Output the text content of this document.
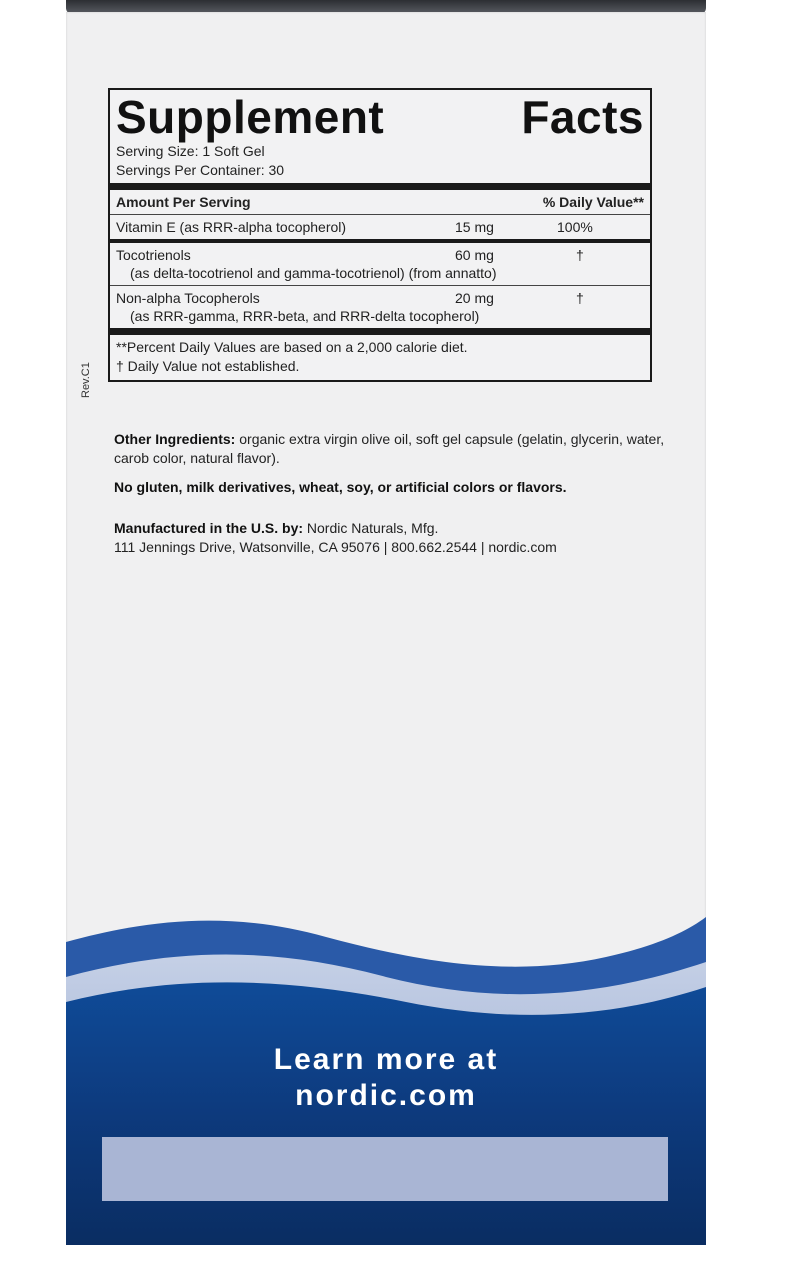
Rev.C1
Supplement	Facts
Serving Size: 1 Soft Gel
Servings Per Container: 30
Amount Per Serving	% Daily Value**
Vitamin E (as RRR-alpha tocopherol)	15 mg	100%
Tocotrienols	60 mg	†
(as delta-tocotrienol and gamma-tocotrienol) (from annatto)
Non-alpha Tocopherols	20 mg	†
(as RRR-gamma, RRR-beta, and RRR-delta tocopherol)
**Percent Daily Values are based on a 2,000 calorie diet.
† Daily Value not established.
Other Ingredients: organic extra virgin olive oil, soft gel capsule (gelatin, glycerin, water, carob color, natural flavor).
No gluten, milk derivatives, wheat, soy, or artificial colors or flavors.
Manufactured in the U.S. by: Nordic Naturals, Mfg.
111 Jennings Drive, Watsonville, CA 95076 | 800.662.2544 | nordic.com
Learn more at
nordic.com
